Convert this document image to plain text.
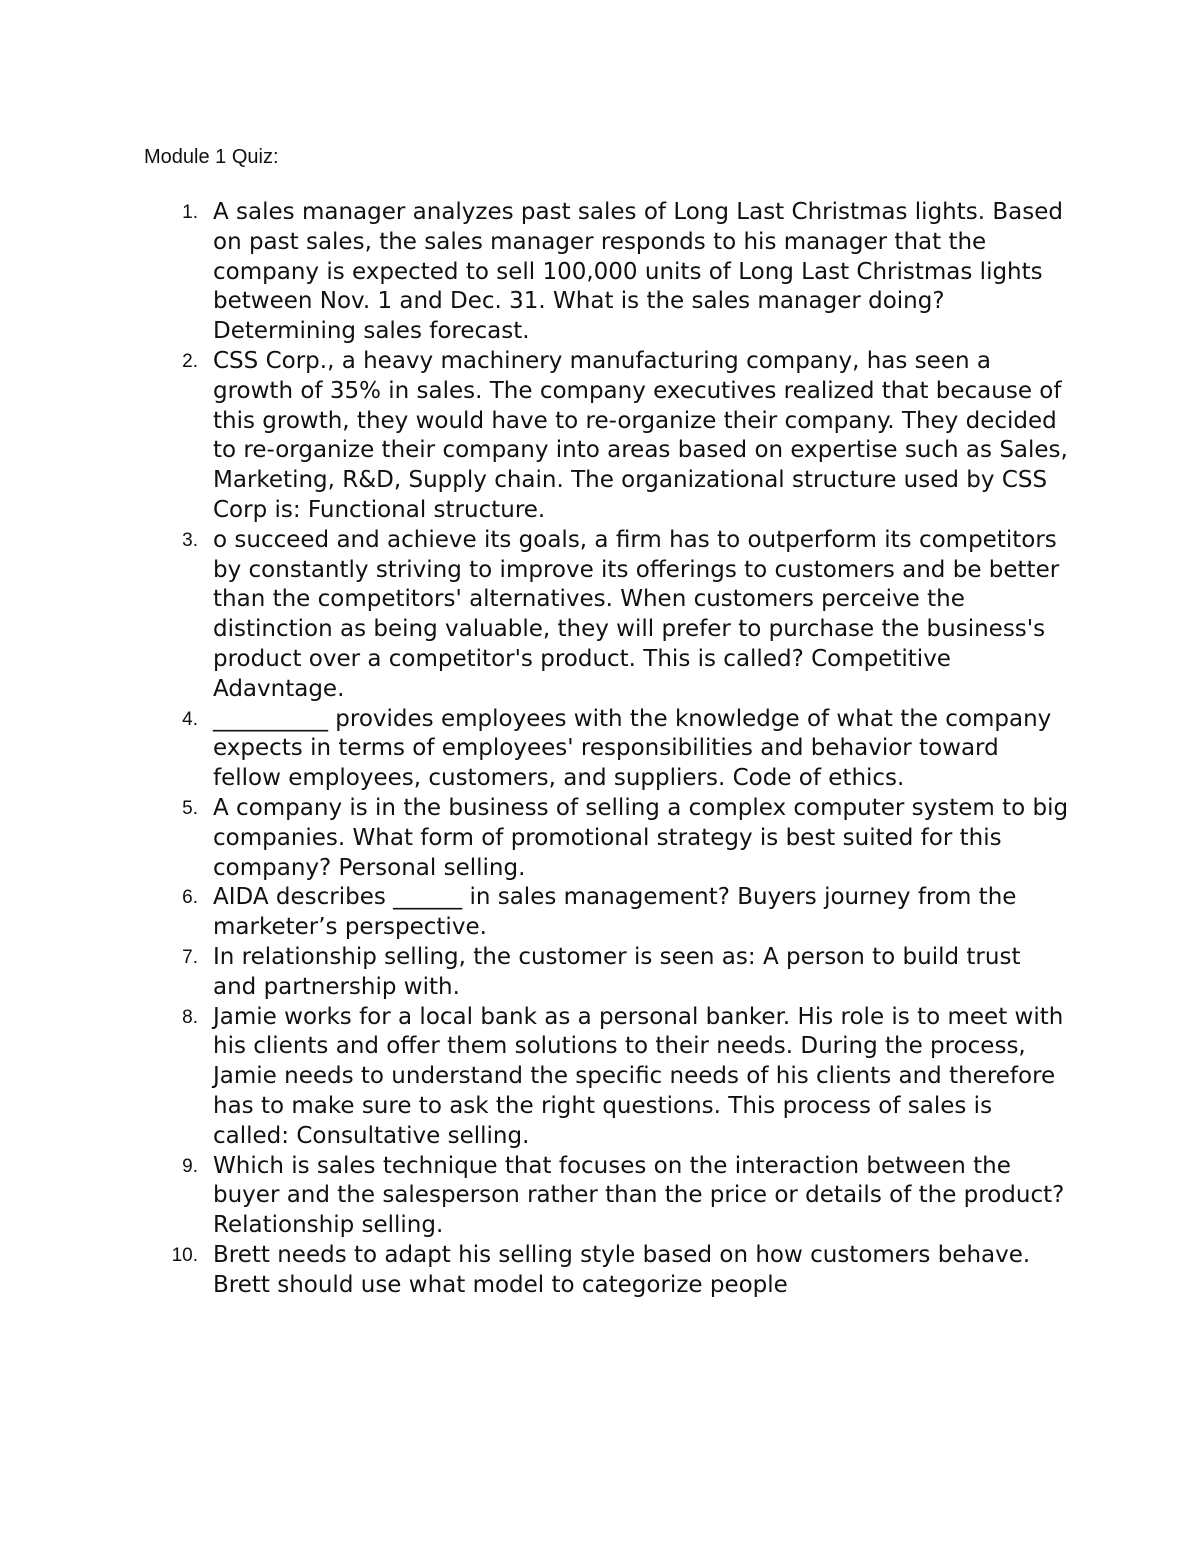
Module 1 Quiz:

1. A sales manager analyzes past sales of Long Last Christmas lights. Based on past sales, the sales manager responds to his manager that the company is expected to sell 100,000 units of Long Last Christmas lights between Nov. 1 and Dec. 31. What is the sales manager doing? Determining sales forecast.
2. CSS Corp., a heavy machinery manufacturing company, has seen a growth of 35% in sales. The company executives realized that because of this growth, they would have to re-organize their company. They decided to re-organize their company into areas based on expertise such as Sales, Marketing, R&D, Supply chain. The organizational structure used by CSS Corp is: Functional structure.
3. o succeed and achieve its goals, a firm has to outperform its competitors by constantly striving to improve its offerings to customers and be better than the competitors' alternatives. When customers perceive the distinction as being valuable, they will prefer to purchase the business's product over a competitor's product. This is called? Competitive Adavntage.
4. __________ provides employees with the knowledge of what the company expects in terms of employees' responsibilities and behavior toward fellow employees, customers, and suppliers. Code of ethics.
5. A company is in the business of selling a complex computer system to big companies. What form of promotional strategy is best suited for this company? Personal selling.
6. AIDA describes ______ in sales management? Buyers journey from the marketer’s perspective.
7. In relationship selling, the customer is seen as: A person to build trust and partnership with.
8. Jamie works for a local bank as a personal banker. His role is to meet with his clients and offer them solutions to their needs. During the process, Jamie needs to understand the specific needs of his clients and therefore has to make sure to ask the right questions. This process of sales is called: Consultative selling.
9. Which is sales technique that focuses on the interaction between the buyer and the salesperson rather than the price or details of the product? Relationship selling.
10. Brett needs to adapt his selling style based on how customers behave. Brett should use what model to categorize people
